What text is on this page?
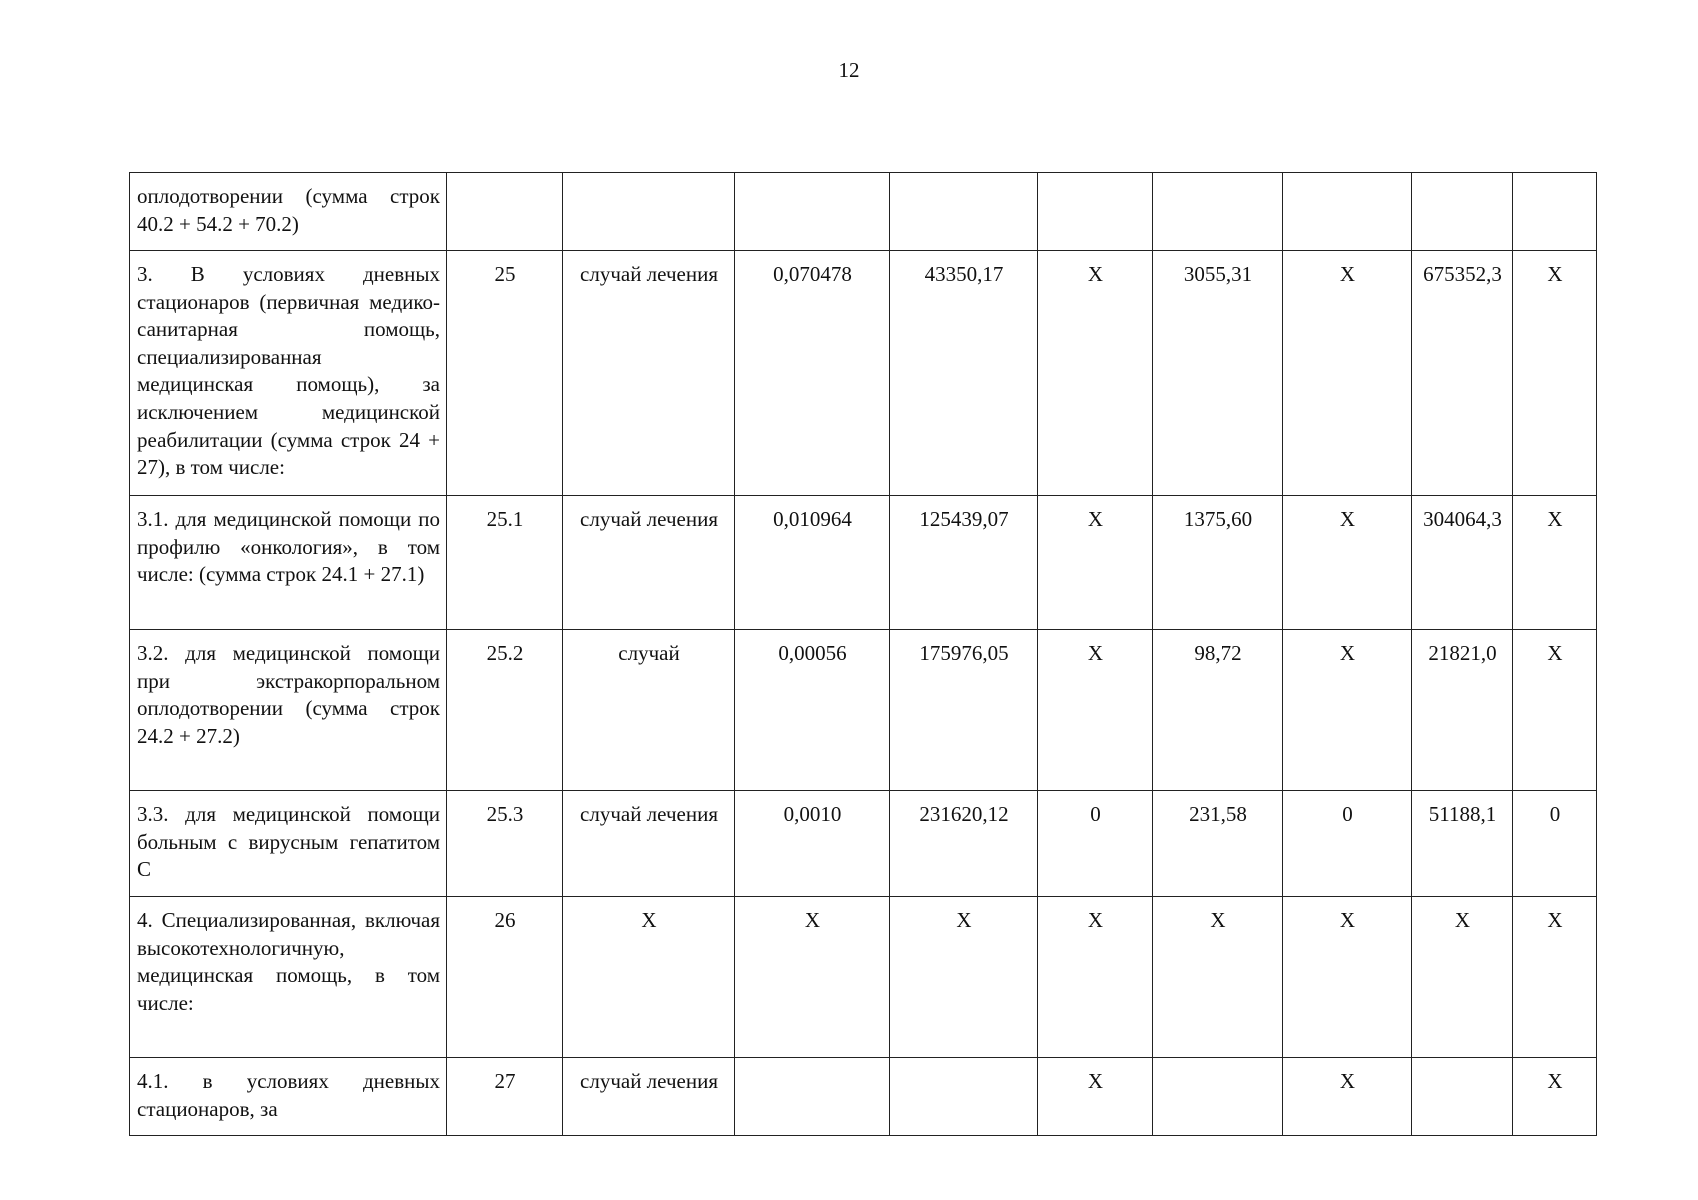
12
оплодотворении (сумма строк 40.2 + 54.2 + 70.2)									
3. В условиях дневных стационаров (первичная медико-санитарная помощь, специализированная медицинская помощь), за исключением медицинской реабилитации (сумма строк 24 + 27), в том числе:	25	случай лечения	0,070478	43350,17	X	3055,31	X	675352,3	X
3.1. для медицинской помощи по профилю «онкология», в том числе: (сумма строк 24.1 + 27.1)	25.1	случай лечения	0,010964	125439,07	X	1375,60	X	304064,3	X
3.2. для медицинской помощи при экстракорпоральном оплодотворении (сумма строк 24.2 + 27.2)	25.2	случай	0,00056	175976,05	X	98,72	X	21821,0	X
3.3. для медицинской помощи больным с вирусным гепатитом С	25.3	случай лечения	0,0010	231620,12	0	231,58	0	51188,1	0
4. Специализированная, включая высокотехнологичную, медицинская помощь, в том числе:	26	X	X	X	X	X	X	X	X
4.1. в условиях дневных стационаров, за	27	случай лечения			X		X		X
